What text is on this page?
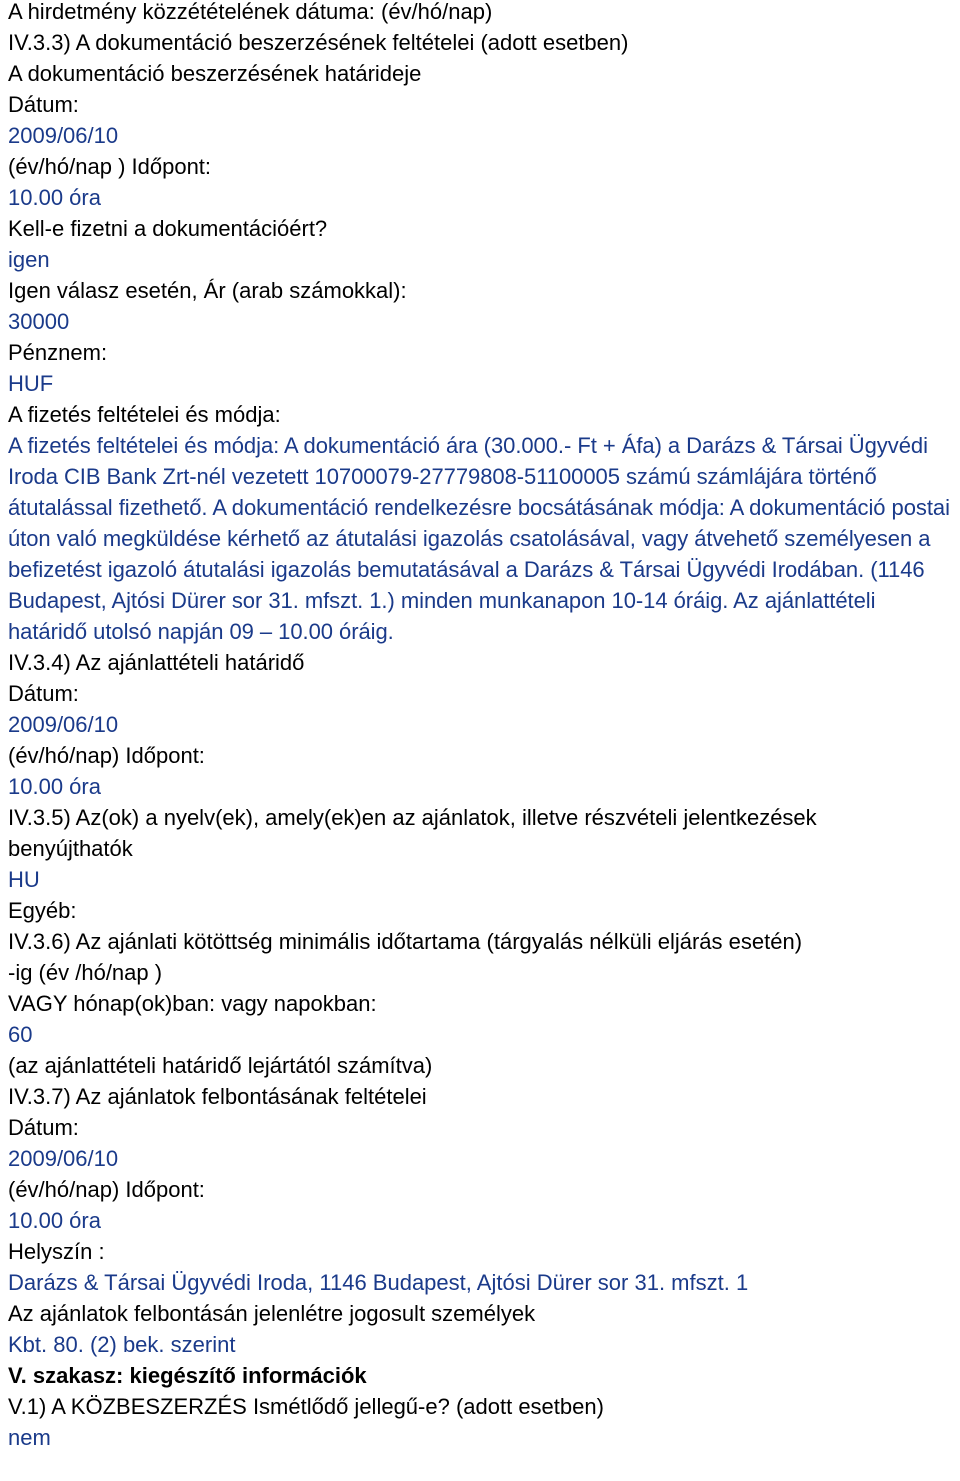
A hirdetmény közzétételének dátuma: (év/hó/nap)
IV.3.3) A dokumentáció beszerzésének feltételei (adott esetben)
A dokumentáció beszerzésének határideje
Dátum:
2009/06/10
(év/hó/nap ) Időpont:
10.00 óra
Kell-e fizetni a dokumentációért?
igen
Igen válasz esetén, Ár (arab számokkal):
30000
Pénznem:
HUF
A fizetés feltételei és módja:
A fizetés feltételei és módja: A dokumentáció ára (30.000.- Ft + Áfa) a Darázs & Társai Ügyvédi Iroda CIB Bank Zrt-nél vezetett 10700079-27779808-51100005 számú számlájára történő átutalással fizethető. A dokumentáció rendelkezésre bocsátásának módja: A dokumentáció postai úton való megküldése kérhető az átutalási igazolás csatolásával, vagy átvehető személyesen a befizetést igazoló átutalási igazolás bemutatásával a Darázs & Társai Ügyvédi Irodában. (1146 Budapest, Ajtósi Dürer sor 31. mfszt. 1.) minden munkanapon 10-14 óráig. Az ajánlattételi határidő utolsó napján 09 – 10.00 óráig.
IV.3.4) Az ajánlattételi határidő
Dátum:
2009/06/10
(év/hó/nap) Időpont:
10.00 óra
IV.3.5) Az(ok) a nyelv(ek), amely(ek)en az ajánlatok, illetve részvételi jelentkezések
benyújthatók
HU
Egyéb:
IV.3.6) Az ajánlati kötöttség minimális időtartama (tárgyalás nélküli eljárás esetén)
-ig (év /hó/nap )
VAGY hónap(ok)ban: vagy napokban:
60
(az ajánlattételi határidő lejártától számítva)
IV.3.7) Az ajánlatok felbontásának feltételei
Dátum:
2009/06/10
(év/hó/nap) Időpont:
10.00 óra
Helyszín :
Darázs & Társai Ügyvédi Iroda, 1146 Budapest, Ajtósi Dürer sor 31. mfszt. 1
Az ajánlatok felbontásán jelenlétre jogosult személyek
Kbt. 80. (2) bek. szerint
V. szakasz: kiegészítő információk
V.1) A KÖZBESZERZÉS Ismétlődő jellegű-e? (adott esetben)
nem
